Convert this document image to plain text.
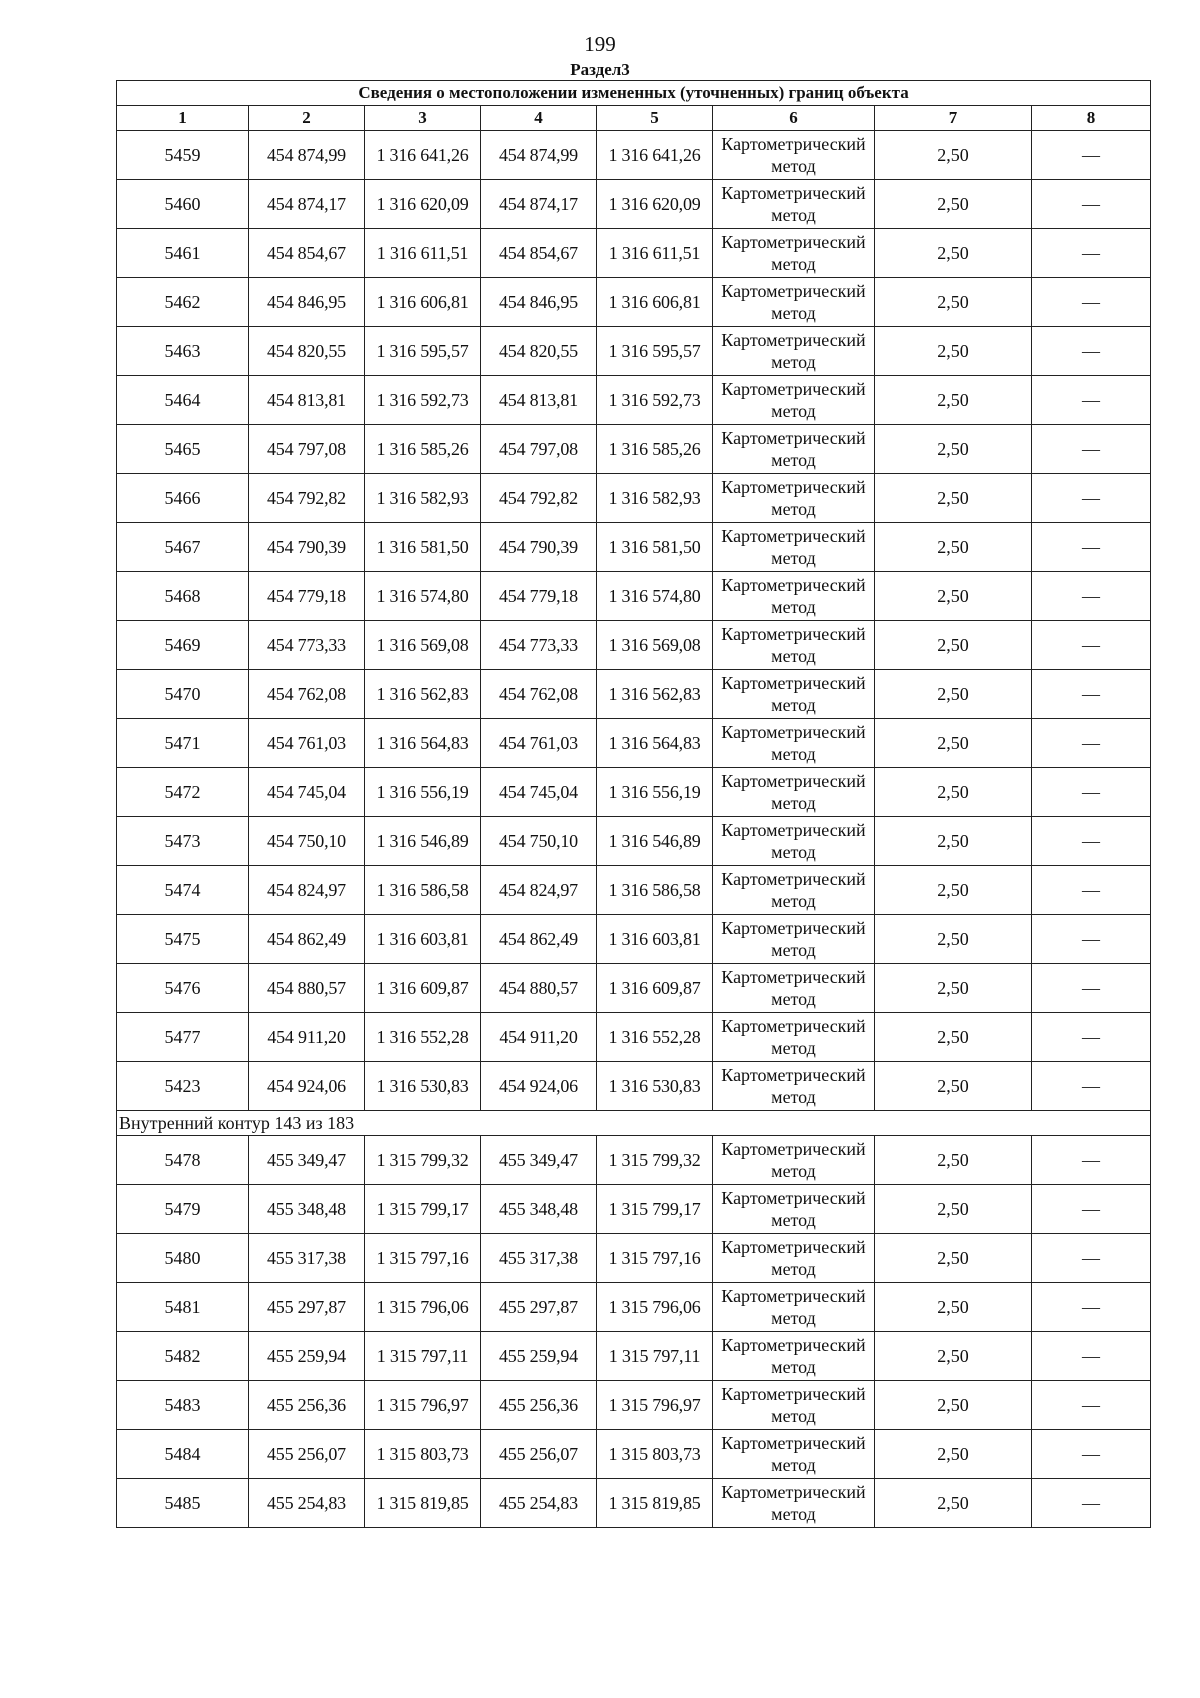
199
Раздел3
Сведения о местоположении измененных (уточненных) границ объекта							
1	2	3	4	5	6	7	8
5459	454 874,99	1 316 641,26	454 874,99	1 316 641,26	Картометрический метод	2,50	—
5460	454 874,17	1 316 620,09	454 874,17	1 316 620,09	Картометрический метод	2,50	—
5461	454 854,67	1 316 611,51	454 854,67	1 316 611,51	Картометрический метод	2,50	—
5462	454 846,95	1 316 606,81	454 846,95	1 316 606,81	Картометрический метод	2,50	—
5463	454 820,55	1 316 595,57	454 820,55	1 316 595,57	Картометрический метод	2,50	—
5464	454 813,81	1 316 592,73	454 813,81	1 316 592,73	Картометрический метод	2,50	—
5465	454 797,08	1 316 585,26	454 797,08	1 316 585,26	Картометрический метод	2,50	—
5466	454 792,82	1 316 582,93	454 792,82	1 316 582,93	Картометрический метод	2,50	—
5467	454 790,39	1 316 581,50	454 790,39	1 316 581,50	Картометрический метод	2,50	—
5468	454 779,18	1 316 574,80	454 779,18	1 316 574,80	Картометрический метод	2,50	—
5469	454 773,33	1 316 569,08	454 773,33	1 316 569,08	Картометрический метод	2,50	—
5470	454 762,08	1 316 562,83	454 762,08	1 316 562,83	Картометрический метод	2,50	—
5471	454 761,03	1 316 564,83	454 761,03	1 316 564,83	Картометрический метод	2,50	—
5472	454 745,04	1 316 556,19	454 745,04	1 316 556,19	Картометрический метод	2,50	—
5473	454 750,10	1 316 546,89	454 750,10	1 316 546,89	Картометрический метод	2,50	—
5474	454 824,97	1 316 586,58	454 824,97	1 316 586,58	Картометрический метод	2,50	—
5475	454 862,49	1 316 603,81	454 862,49	1 316 603,81	Картометрический метод	2,50	—
5476	454 880,57	1 316 609,87	454 880,57	1 316 609,87	Картометрический метод	2,50	—
5477	454 911,20	1 316 552,28	454 911,20	1 316 552,28	Картометрический метод	2,50	—
5423	454 924,06	1 316 530,83	454 924,06	1 316 530,83	Картометрический метод	2,50	—
Внутренний контур 143 из 183							
5478	455 349,47	1 315 799,32	455 349,47	1 315 799,32	Картометрический метод	2,50	—
5479	455 348,48	1 315 799,17	455 348,48	1 315 799,17	Картометрический метод	2,50	—
5480	455 317,38	1 315 797,16	455 317,38	1 315 797,16	Картометрический метод	2,50	—
5481	455 297,87	1 315 796,06	455 297,87	1 315 796,06	Картометрический метод	2,50	—
5482	455 259,94	1 315 797,11	455 259,94	1 315 797,11	Картометрический метод	2,50	—
5483	455 256,36	1 315 796,97	455 256,36	1 315 796,97	Картометрический метод	2,50	—
5484	455 256,07	1 315 803,73	455 256,07	1 315 803,73	Картометрический метод	2,50	—
5485	455 254,83	1 315 819,85	455 254,83	1 315 819,85	Картометрический метод	2,50	—
